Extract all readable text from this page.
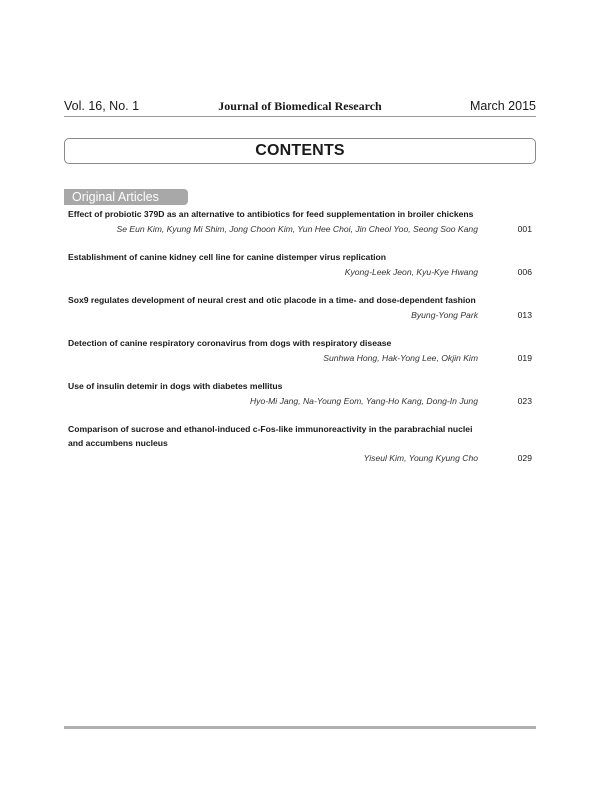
Vol. 16, No. 1	Journal of Biomedical Research	March 2015
CONTENTS
Original Articles
Effect of probiotic 379D as an alternative to antibiotics for feed supplementation in broiler chickens
Se Eun Kim, Kyung Mi Shim, Jong Choon Kim, Yun Hee Choi, Jin Cheol Yoo, Seong Soo Kang	001
Establishment of canine kidney cell line for canine distemper virus replication
Kyong-Leek Jeon, Kyu-Kye Hwang	006
Sox9 regulates development of neural crest and otic placode in a time- and dose-dependent fashion
Byung-Yong Park	013
Detection of canine respiratory coronavirus from dogs with respiratory disease
Sunhwa Hong, Hak-Yong Lee, Okjin Kim	019
Use of insulin detemir in dogs with diabetes mellitus
Hyo-Mi Jang, Na-Young Eom, Yang-Ho Kang, Dong-In Jung	023
Comparison of sucrose and ethanol-induced c-Fos-like immunoreactivity in the parabrachial nuclei and accumbens nucleus
Yiseul Kim, Young Kyung Cho	029
